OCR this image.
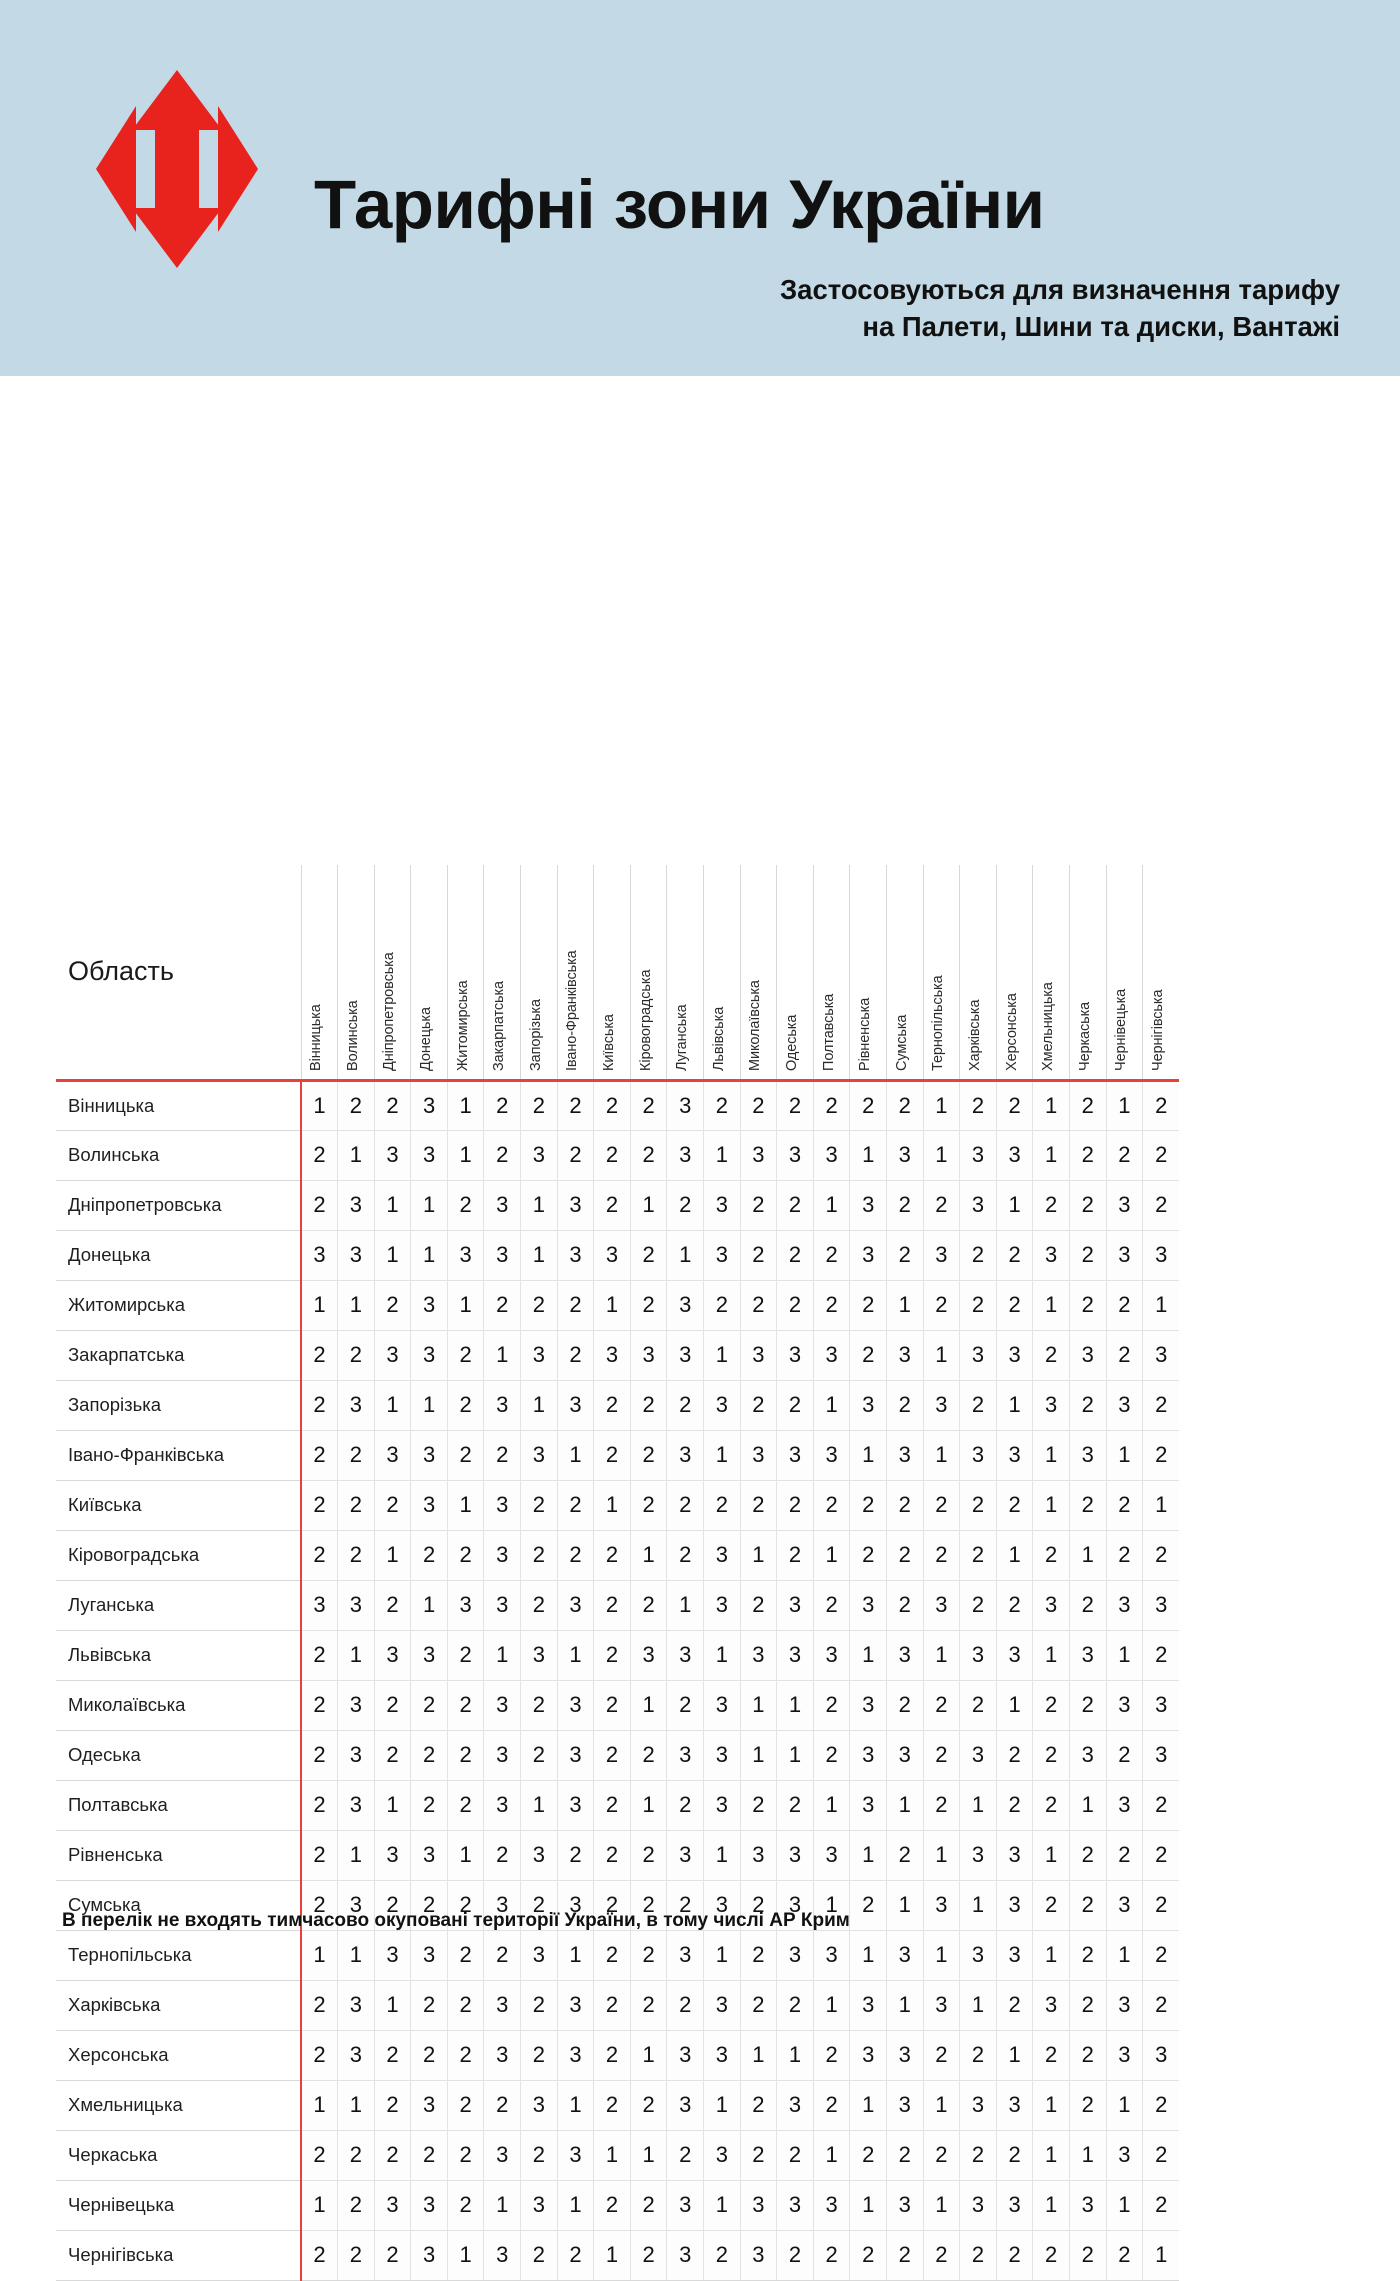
Тарифні зони України
Застосовуються для визначення тарифу
на Палети, Шини та диски, Вантажі
Область	Вінницька	Волинська	Дніпропетровська	Донецька	Житомирська	Закарпатська	Запорізька	Івано-Франківська	Київська	Кіровоградська	Луганська	Львівська	Миколаївська	Одеська	Полтавська	Рівненська	Сумська	Тернопільська	Харківська	Херсонська	Хмельницька	Черкаська	Чернівецька	Чернігівська

Вінницька	1	2	2	3	1	2	2	2	2	2	3	2	2	2	2	2	2	1	2	2	1	2	1	2
Волинська	2	1	3	3	1	2	3	2	2	2	3	1	3	3	3	1	3	1	3	3	1	2	2	2
Дніпропетровська	2	3	1	1	2	3	1	3	2	1	2	3	2	2	1	3	2	2	3	1	2	2	3	2
Донецька	3	3	1	1	3	3	1	3	3	2	1	3	2	2	2	3	2	3	2	2	3	2	3	3
Житомирська	1	1	2	3	1	2	2	2	1	2	3	2	2	2	2	2	1	2	2	2	1	2	2	1
Закарпатська	2	2	3	3	2	1	3	2	3	3	3	1	3	3	3	2	3	1	3	3	2	3	2	3
Запорізька	2	3	1	1	2	3	1	3	2	2	2	3	2	2	1	3	2	3	2	1	3	2	3	2
Івано-Франківська	2	2	3	3	2	2	3	1	2	2	3	1	3	3	3	1	3	1	3	3	1	3	1	2
Київська	2	2	2	3	1	3	2	2	1	2	2	2	2	2	2	2	2	2	2	2	1	2	2	1
Кіровоградська	2	2	1	2	2	3	2	2	2	1	2	3	1	2	1	2	2	2	2	1	2	1	2	2
Луганська	3	3	2	1	3	3	2	3	2	2	1	3	2	3	2	3	2	3	2	2	3	2	3	3
Львівська	2	1	3	3	2	1	3	1	2	3	3	1	3	3	3	1	3	1	3	3	1	3	1	2
Миколаївська	2	3	2	2	2	3	2	3	2	1	2	3	1	1	2	3	2	2	2	1	2	2	3	3
Одеська	2	3	2	2	2	3	2	3	2	2	3	3	1	1	2	3	3	2	3	2	2	3	2	3
Полтавська	2	3	1	2	2	3	1	3	2	1	2	3	2	2	1	3	1	2	1	2	2	1	3	2
Рівненська	2	1	3	3	1	2	3	2	2	2	3	1	3	3	3	1	2	1	3	3	1	2	2	2
Сумська	2	3	2	2	2	3	2	3	2	2	2	3	2	3	1	2	1	3	1	3	2	2	3	2
Тернопільська	1	1	3	3	2	2	3	1	2	2	3	1	2	3	3	1	3	1	3	3	1	2	1	2
Харківська	2	3	1	2	2	3	2	3	2	2	2	3	2	2	1	3	1	3	1	2	3	2	3	2
Херсонська	2	3	2	2	2	3	2	3	2	1	3	3	1	1	2	3	3	2	2	1	2	2	3	3
Хмельницька	1	1	2	3	2	2	3	1	2	2	3	1	2	3	2	1	3	1	3	3	1	2	1	2
Черкаська	2	2	2	2	2	3	2	3	1	1	2	3	2	2	1	2	2	2	2	2	1	1	3	2
Чернівецька	1	2	3	3	2	1	3	1	2	2	3	1	3	3	3	1	3	1	3	3	1	3	1	2
Чернігівська	2	2	2	3	1	3	2	2	1	2	3	2	3	2	2	2	2	2	2	2	2	2	2	1
В перелік не входять тимчасово окуповані території України, в тому числі АР Крим
